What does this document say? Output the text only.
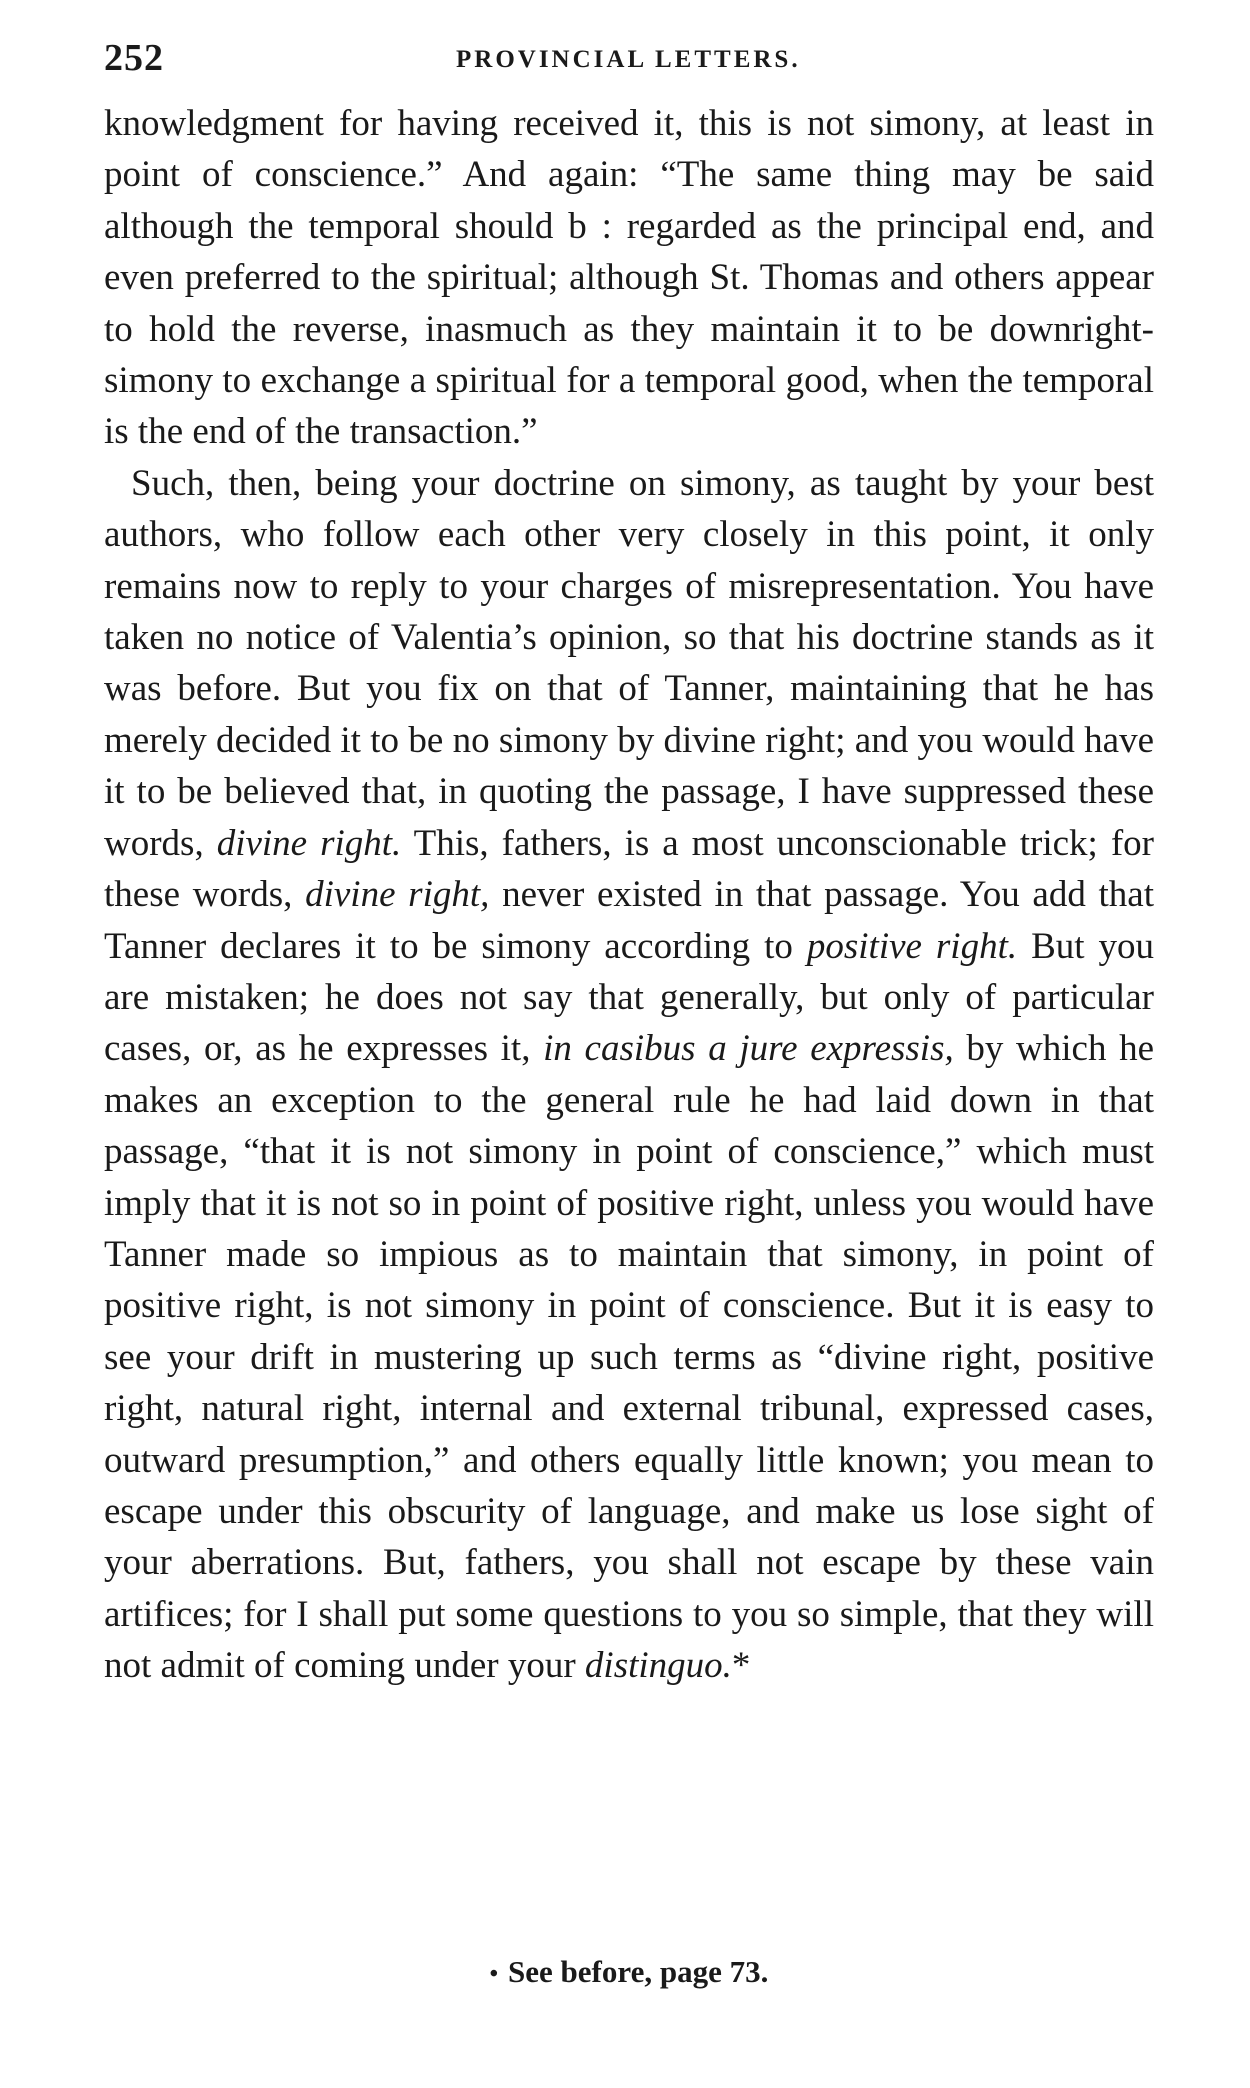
252	PROVINCIAL LETTERS.

knowledgment for having received it, this is not simony, at least in point of conscience.” And again: “The same thing may be said although the temporal should b : regarded as the principal end, and even preferred to the spiritual; although St. Thomas and others appear to hold the reverse, inasmuch as they maintain it to be downright-simony to exchange a spiritual for a temporal good, when the temporal is the end of the transaction.”

Such, then, being your doctrine on simony, as taught by your best authors, who follow each other very closely in this point, it only remains now to reply to your charges of misrepresentation. You have taken no notice of Valentia’s opinion, so that his doctrine stands as it was before. But you fix on that of Tanner, maintaining that he has merely decided it to be no simony by divine right; and you would have it to be believed that, in quoting the passage, I have suppressed these words, divine right. This, fathers, is a most unconscionable trick; for these words, divine right, never existed in that passage. You add that Tanner declares it to be simony according to positive right. But you are mistaken; he does not say that generally, but only of particular cases, or, as he expresses it, in casibus a jure expressis, by which he makes an exception to the general rule he had laid down in that passage, “that it is not simony in point of conscience,” which must imply that it is not so in point of positive right, unless you would have Tanner made so impious as to maintain that simony, in point of positive right, is not simony in point of conscience. But it is easy to see your drift in mustering up such terms as “divine right, positive right, natural right, internal and external tribunal, expressed cases, outward presumption,” and others equally little known; you mean to escape under this obscurity of language, and make us lose sight of your aberrations. But, fathers, you shall not escape by these vain artifices; for I shall put some questions to you so simple, that they will not admit of coming under your distinguo.*

• See before, page 73.
